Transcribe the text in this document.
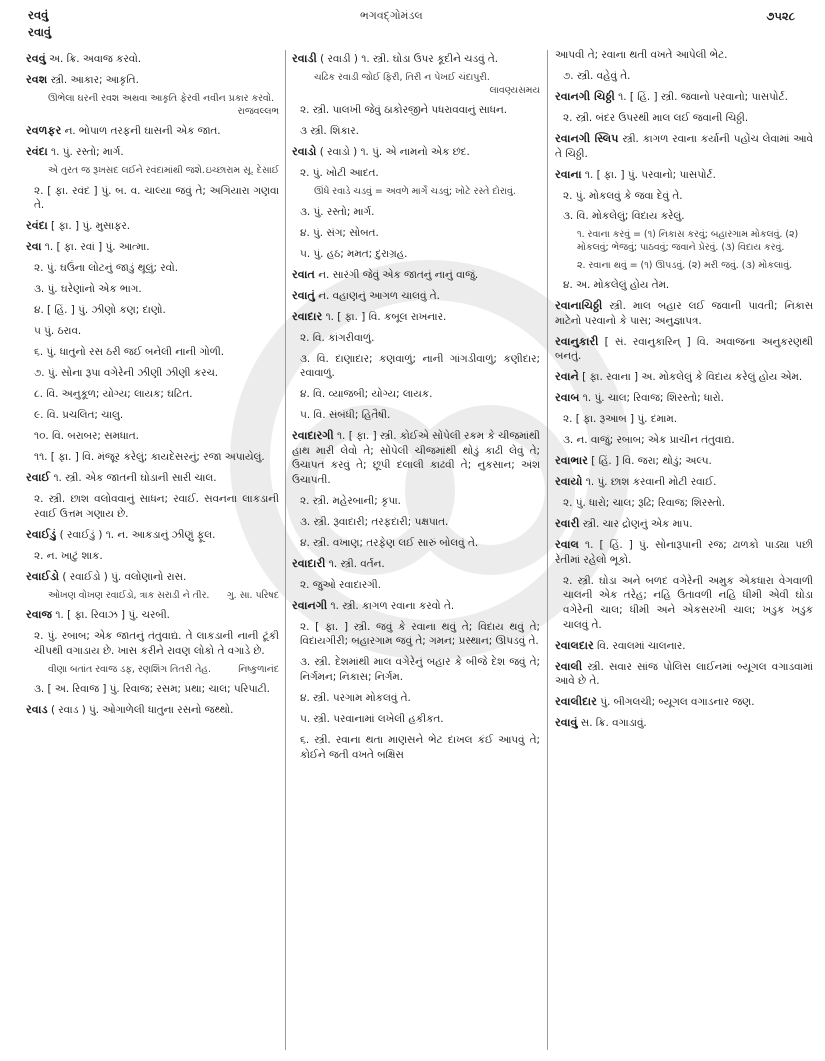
રવવું
રવાવું
ભગવદ્ગોમંડલ	૭૫૨૮
રવવું અ. ક્રિ. અવાજ કરવો.
રવશ સ્ત્રી. આકાર; આકૃતિ.
ઊભેલા ઘરની રવશ અથવા આકૃતિ ફેરવી નવીન પ્રકાર કરવો.
રાજવલ્લભ
રવળફર ન. ભોપાળ તરફની ઘાસની એક જાત.
રવંદા ૧. પું. રસ્તો; માર્ગ.
એ તુરત જ રૂખસદ લઈને રવંદામાંથી જશે. ઇચ્છારામ સૂ. દેસાઈ
૨. [ ફા. રવંદ ] પું. બ. વ. ચાલ્યા જવું તે; અગિયારા ગણવા તે.
રવંદા [ ફા. ] પું. મુસાફર.
રવા ૧. [ ફા. રવાં ] પું. આત્મા.
૨. પું. ઘઉંના લોટનું જાડું થૂલું; રવો.
૩. પું. ઘરેણાંનો એક ભાગ.
૪. [ હિં. ] પું. ઝીણો કણ; દાણો.
૫ પું. ઠરાવ.
૬. પું. ધાતુનો રસ ઠરી જઈ બનેલી નાની ગોળી.
૭. પું. સોના રૂપા વગેરેની ઝીણી ઝીણી કરચ.
૮. વિ. અનુકૂળ; યોગ્ય; લાયક; ઘટિત.
૯. વિ. પ્રચલિત; ચાલુ.
૧૦. વિ. બરાબર; સમધાત.
૧૧. [ ફા. ] વિ. મંજૂર કરેલું; કાયદેસરનું; રજા અપાયેલું.
રવાઈ ૧. સ્ત્રી. એક જાતની ઘોડાની સારી ચાલ.
૨. સ્ત્રી. છાશ વલોવવાનું સાધન; રવાઈ. સવનના લાકડાની રવાઈ ઉત્તમ ગણાય છે.
રવાઈડું ( રવાઈડું ) ૧. ન. આકડાનું ઝીણું ફૂલ.
૨. ન. ખાટું શાક.
રવાઈડો ( રવાઈડો ) પું. વલોણાનો રાસ.
ઓખણ વોખણ રવાઈડો, ત્રાક સરાડી ને તીર. ગુ. સા. પરિષદ
રવાજ ૧. [ ફા. રિવાઝ ] પું. ચરબી.
૨. પું. રબાબ; એક જાતનું તંતુવાદ્ય. તે લાકડાની નાની ટૂંકી ચીપથી વગાડાય છે. ખાસ કરીને રાવણ લોકો તે વગાડે છે.
વીણા બતાંત રવાજ ડફ, રણશિંગ તિતરી તેહ.	નિષ્કુળાનંદ
૩. [ અ. રિવાજ ] પું. રિવાજ; રસમ; પ્રથા; ચાલ; પરિપાટી.
રવાડ ( રવાડ ) પું. ઓગાળેલી ધાતુના રસનો જથ્થો.
રવાડી ( રવાડી ) ૧. સ્ત્રી. ઘોડા ઉપર કૂદીને ચડવું તે.
ચઢિક રવાડી જોઈ ફિરી, તિરી ન પેખઈ ચંદાપુરી.
લાવણ્યસમય
૨. સ્ત્રી. પાલખી જેવું ઠાકોરજીને પધરાવવાનું સાધન.
૩ સ્ત્રી. શિકાર.
રવાડો ( રવાડો ) ૧. પું. એ નામનો એક છંદ.
૨. પું. ખોટી આદત.
ઊંધે રવાડે ચડવું = અવળે માર્ગે ચડવું; ખોટે રસ્તે દોરાવું.
૩. પું. રસ્તો; માર્ગ.
૪. પું. સંગ; સોબત.
૫. પું. હઠ; મમત; દુરાગ્રહ.
રવાત ન. સારંગી જેવું એક જાતનું નાનું વાજું.
રવાતું ન. વહાણનું આગળ ચાલવું તે.
રવાદાર ૧. [ ફા. ] વિ. કબૂલ રાખનાર.
૨. વિ. કાંગરીવાળું.
૩. વિ. દાણાદાર; કણવાળું; નાની ગાંગડીવાળું; કણીદાર; રવાવાળું.
૪. વિ. વ્યાજબી; યોગ્ય; લાયક.
૫. વિ. સંબંધી; હિતૈષી.
રવાદારગી ૧. [ ફા. ] સ્ત્રી. કોઈએ સોંપેલી રકમ કે ચીજમાંથી હાથ મારી લેવો તે; સોંપેલી ચીજમાંથી થોડું કાઢી લેવું તે; ઉચાપત કરવું તે; છૂપી દલાલી કાઢવી તે; નુકસાન; અંશ ઉચાપતી.
૨. સ્ત્રી. મહેરબાની; કૃપા.
૩. સ્ત્રી. રૂવાદારી; તરફદારી; પક્ષપાત.
૪. સ્ત્રી. વખાણ; તરફેણ લઈ સારું બોલવું તે.
રવાદારી ૧. સ્ત્રી. વર્તન.
૨. જુઓ રવાદારગી.
રવાનગી ૧. સ્ત્રી. કાગળ રવાના કરવો તે.
૨. [ ફા. ] સ્ત્રી. જવું કે રવાના થવું તે; વિદાય થવું તે; વિદાયગીરી; બહારગામ જવું તે; ગમન; પ્રસ્થાન; ઊપડવું તે.
૩. સ્ત્રી. દેશમાંથી માલ વગેરેનું બહાર કે બીજે દેશ જવું તે; નિર્ગમન; નિકાસ; નિર્ગમ.
૪. સ્ત્રી. પરગામ મોકલવું તે.
૫. સ્ત્રી. પરવાનામાં લખેલી હકીકત.
૬. સ્ત્રી. રવાના થતા માણસને ભેટ દાખલ કંઈ આપવું તે; કોઈને જતી વખતે બક્ષિસ
આપવી તે; રવાના થતી વખતે આપેલી ભેટ.
૭. સ્ત્રી. વહેવું તે.
રવાનગી ચિઠ્ઠી ૧. [ હિં. ] સ્ત્રી. જવાનો પરવાનો; પાસપોર્ટ.
૨. સ્ત્રી. બંદર ઉપરથી માલ લઈ જવાની ચિઠ્ઠી.
રવાનગી સ્લિપ સ્ત્રી. કાગળ રવાના કર્યાની પહોંચ લેવામાં આવે તે ચિઠ્ઠી.
રવાના ૧. [ ફા. ] પું. પરવાનો; પાસપોર્ટ.
૨. પું. મોકલવું કે જવા દેવું તે.
૩. વિ. મોકલેલું; વિદાય કરેલું.
૧. રવાના કરવું = (૧) નિકાસ કરવું; બહારગામ મોકલવું. (૨) મોકલવું; ભેજવું; પાઠવવું; જવાને પ્રેરવું. (૩) વિદાય કરવું.
૨. રવાના થવું = (૧) ઊપડવું. (૨) મરી જવું. (૩) મોકલાવું.
૪. અ. મોકલેલું હોય તેમ.
રવાનાચિઠ્ઠી સ્ત્રી. માલ બહાર લઈ જવાની પાવતી; નિકાસ માટેનો પરવાનો કે પાસ; અનુજ્ઞાપત્ર.
રવાનુકારી [ સં. રવાનુકારિન્ ] વિ. અવાજના અનુકરણથી બનતું.
રવાને [ ફા. રવાના ] અ. મોકલેલું કે વિદાય કરેલું હોય એમ.
રવાબ ૧. પું. ચાલ; રિવાજ; શિરસ્તો; ધારો.
૨. [ ફા. રૂઆબ ] પું. દમામ.
૩. ન. વાજું; રબાબ; એક પ્રાચીન તંતુવાદ્ય.
રવાભાર [ હિં. ] વિ. જરા; થોડું; અલ્પ.
રવાયો ૧. પું. છાશ કરવાની મોટી રવાઈ.
૨. પું. ધારો; ચાલ; રૂઢિ; રિવાજ; શિરસ્તો.
રવારી સ્ત્રી. ચાર દ્રોણનું એક માપ.
રવાલ ૧. [ હિં. ] પું. સોનારૂપાની રજ; ઢાળકો પાડ્યા પછી રેતીમાં રહેલો ભૂકો.
૨. સ્ત્રી. ઘોડા અને બળદ વગેરેની અમુક એકધારા વેગવાળી ચાલની એક તરેહ; નહિ ઉતાવળી નહિ ધીમી એવી ઘોડા વગેરેની ચાલ; ધીમી અને એકસરખી ચાલ; ખડુક ખડુક ચાલવું તે.
રવાલદાર વિ. રવાલમાં ચાલનાર.
રવાલી સ્ત્રી. સવાર સાંજ પોલિસ લાઈનમાં બ્યૂગલ વગાડવામાં આવે છે તે.
રવાલીદાર પું. બીગલચી; બ્યૂગલ વગાડનાર જણ.
રવાવું સ. ક્રિ. વગાડાવું.
